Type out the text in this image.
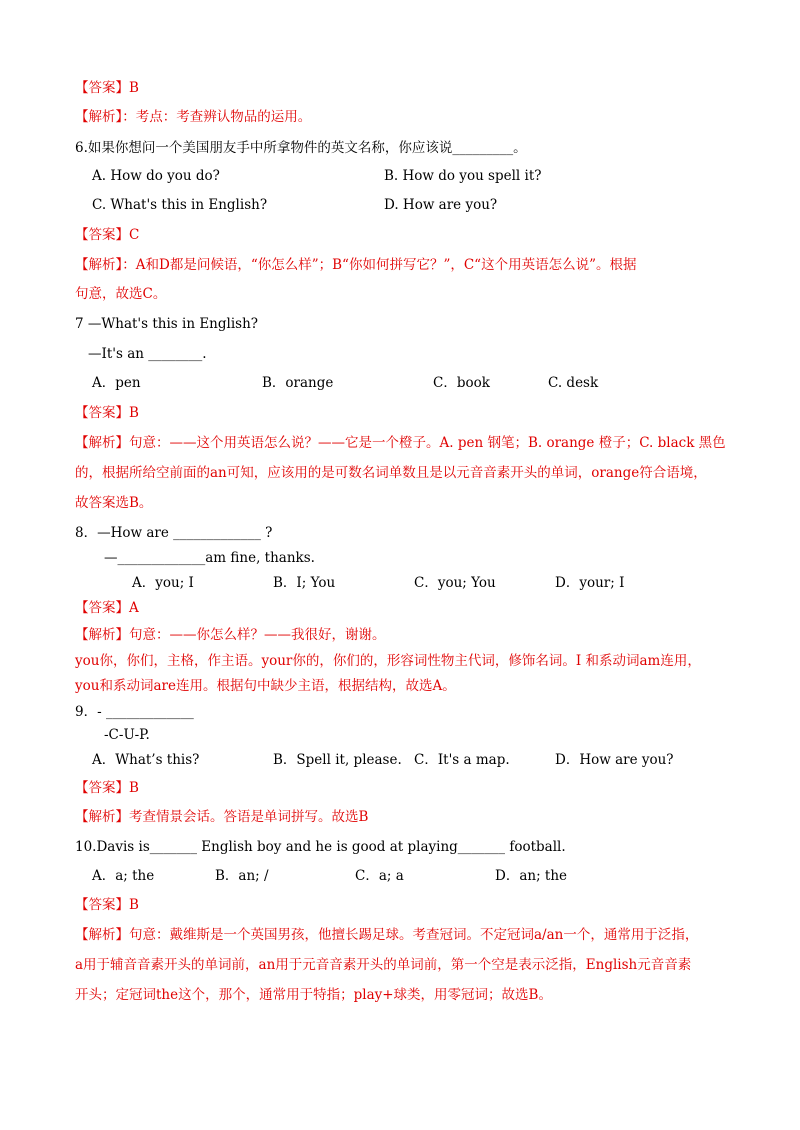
【答案】B
【解析】：考点：考查辨认物品的运用。
6.如果你想问一个美国朋友手中所拿物件的英文名称，你应该说_________。
A. How do you do?	B. How do you spell it?
C. What's this in English?	D. How are you?
【答案】C
【解析】：A和D都是问候语，“你怎么样”；B“你如何拼写它？”，C“这个用英语怎么说”。根据
句意，故选C。
7 —What's this in English?
—It's an ________.
A．pen	B．orange	C．book	C. desk
【答案】B
【解析】句意：——这个用英语怎么说？——它是一个橙子。A. pen 钢笔；B. orange 橙子；C. black 黑色
的，根据所给空前面的an可知，应该用的是可数名词单数且是以元音音素开头的单词，orange符合语境，
故答案选B。
8．—How are _____________ ?
—_____________am fine, thanks.
A．you; I	B．I; You	C．you; You	D．your; I
【答案】A
【解析】句意：——你怎么样？——我很好，谢谢。
you你，你们，主格，作主语。your你的，你们的，形容词性物主代词，修饰名词。I 和系动词am连用，
you和系动词are连用。根据句中缺少主语，根据结构，故选A。
9．- _____________
-C-U-P.
A．What’s this?	B．Spell it, please. C．It's a map.	D．How are you?
【答案】B
【解析】考查情景会话。答语是单词拼写。故选B
10.Davis is_______ English boy and he is good at playing_______ football.
A．a; the	B．an; /	C．a; a	D．an; the
【答案】B
【解析】句意：戴维斯是一个英国男孩，他擅长踢足球。考查冠词。不定冠词a/an一个，通常用于泛指，
a用于辅音音素开头的单词前，an用于元音音素开头的单词前，第一个空是表示泛指，English元音音素
开头；定冠词the这个，那个，通常用于特指；play+球类，用零冠词；故选B。
